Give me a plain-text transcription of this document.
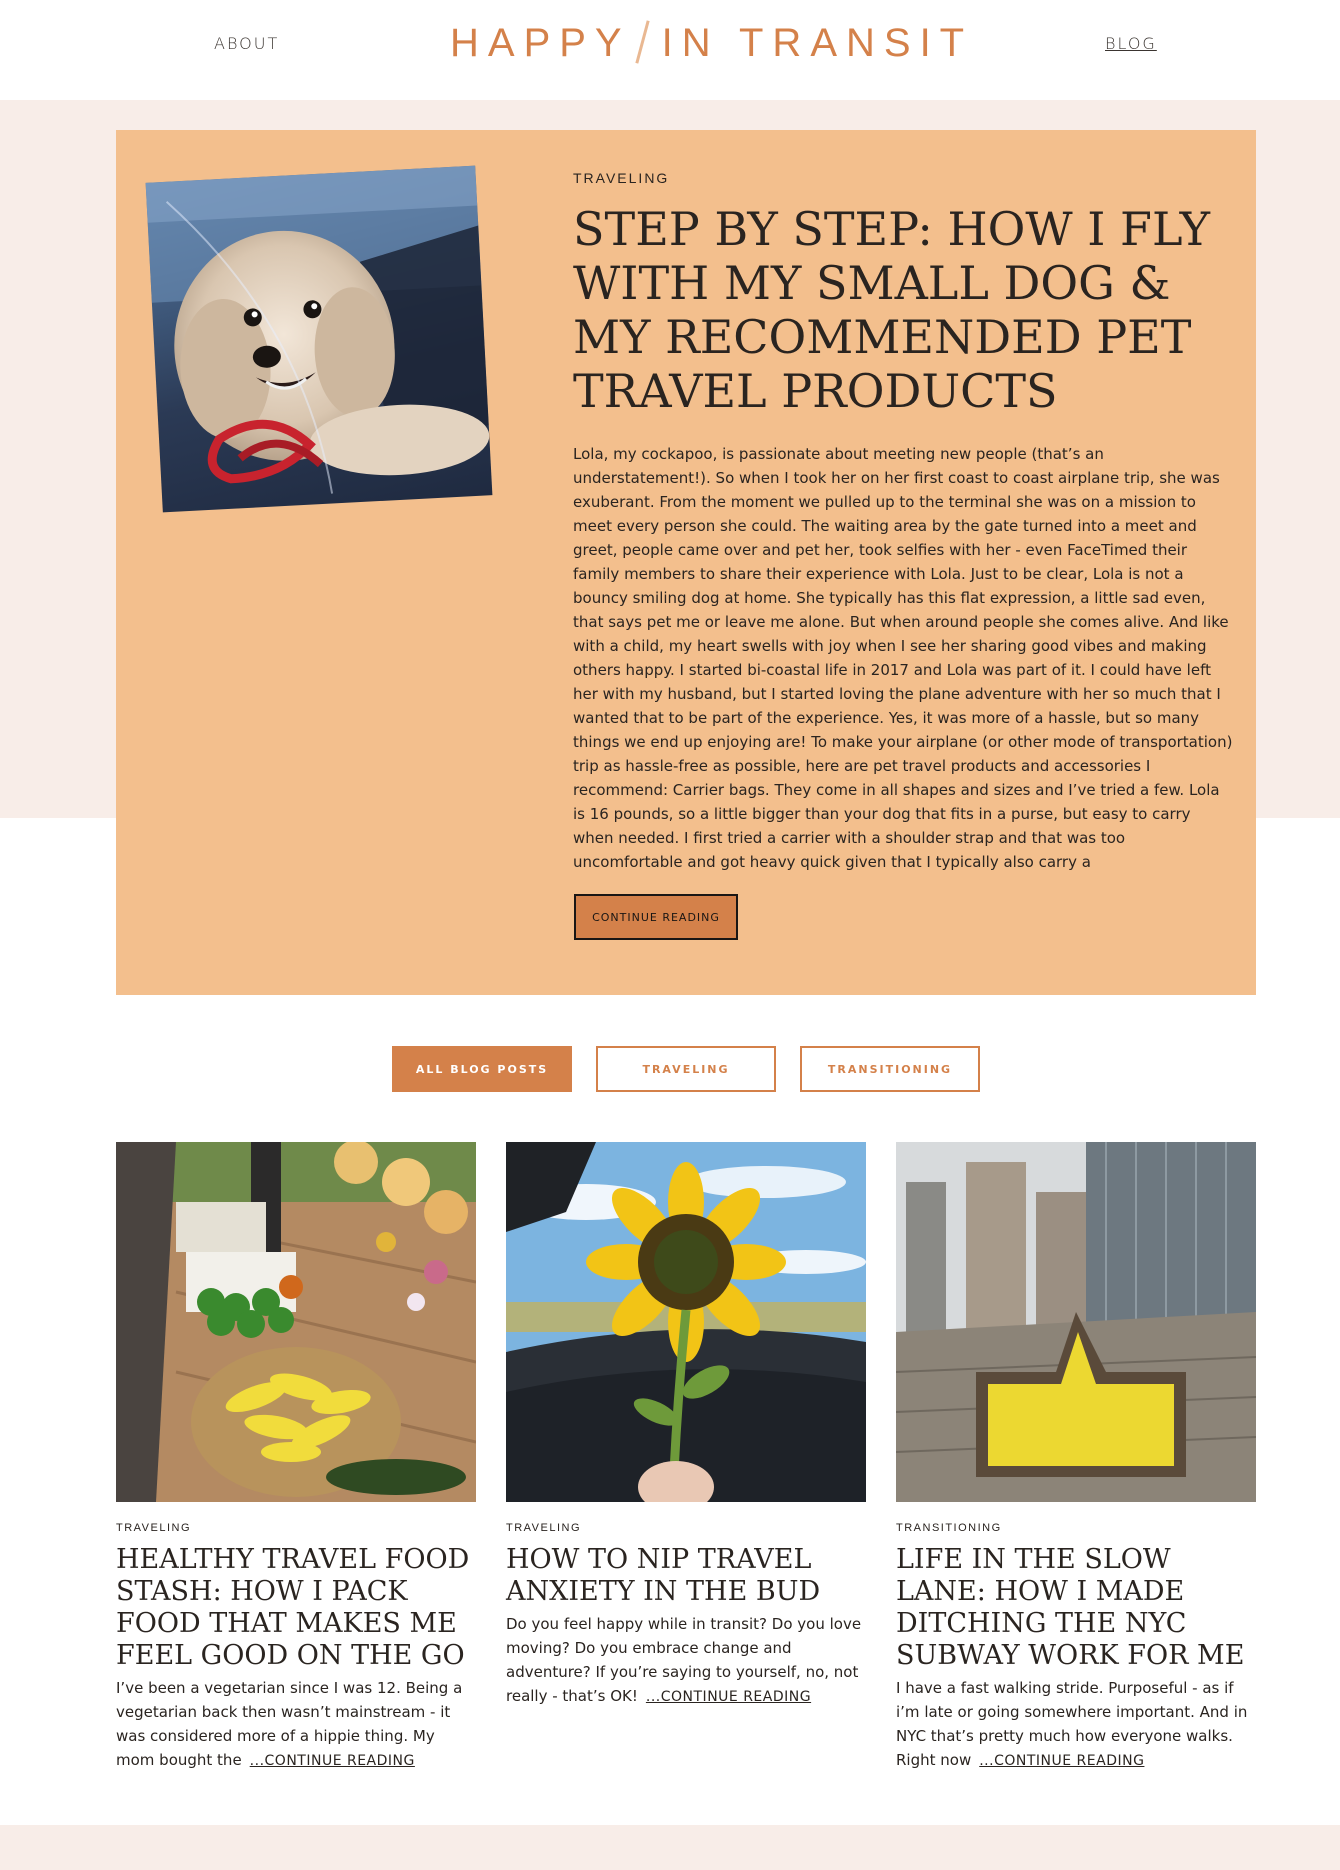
ABOUT	HAPPY IN TRANSIT	BLOG
TRAVELING
STEP BY STEP: HOW I FLY WITH MY SMALL DOG & MY RECOMMENDED PET TRAVEL PRODUCTS

Lola, my cockapoo, is passionate about meeting new people (that’s an understatement!). So when I took her on her first coast to coast airplane trip, she was exuberant. From the moment we pulled up to the terminal she was on a mission to meet every person she could. The waiting area by the gate turned into a meet and greet, people came over and pet her, took selfies with her - even FaceTimed their family members to share their experience with Lola. Just to be clear, Lola is not a bouncy smiling dog at home. She typically has this flat expression, a little sad even, that says pet me or leave me alone. But when around people she comes alive. And like with a child, my heart swells with joy when I see her sharing good vibes and making others happy. I started bi-coastal life in 2017 and Lola was part of it. I could have left her with my husband, but I started loving the plane adventure with her so much that I wanted that to be part of the experience. Yes, it was more of a hassle, but so many things we end up enjoying are! To make your airplane (or other mode of transportation) trip as hassle-free as possible, here are pet travel products and accessories I recommend: Carrier bags. They come in all shapes and sizes and I’ve tried a few. Lola is 16 pounds, so a little bigger than your dog that fits in a purse, but easy to carry when needed. I first tried a carrier with a shoulder strap and that was too uncomfortable and got heavy quick given that I typically also carry a

CONTINUE READING
ALL BLOG POSTS	TRAVELING	TRANSITIONING
TRAVELING
HEALTHY TRAVEL FOOD STASH: HOW I PACK FOOD THAT MAKES ME FEEL GOOD ON THE GO

I’ve been a vegetarian since I was 12. Being a vegetarian back then wasn’t mainstream - it was considered more of a hippie thing. My mom bought the ...CONTINUE READING

TRAVELING
HOW TO NIP TRAVEL ANXIETY IN THE BUD

Do you feel happy while in transit? Do you love moving? Do you embrace change and adventure? If you’re saying to yourself, no, not really - that’s OK! ...CONTINUE READING

TRANSITIONING
LIFE IN THE SLOW LANE: HOW I MADE DITCHING THE NYC SUBWAY WORK FOR ME

I have a fast walking stride. Purposeful - as if i’m late or going somewhere important. And in NYC that’s pretty much how everyone walks. Right now ...CONTINUE READING
